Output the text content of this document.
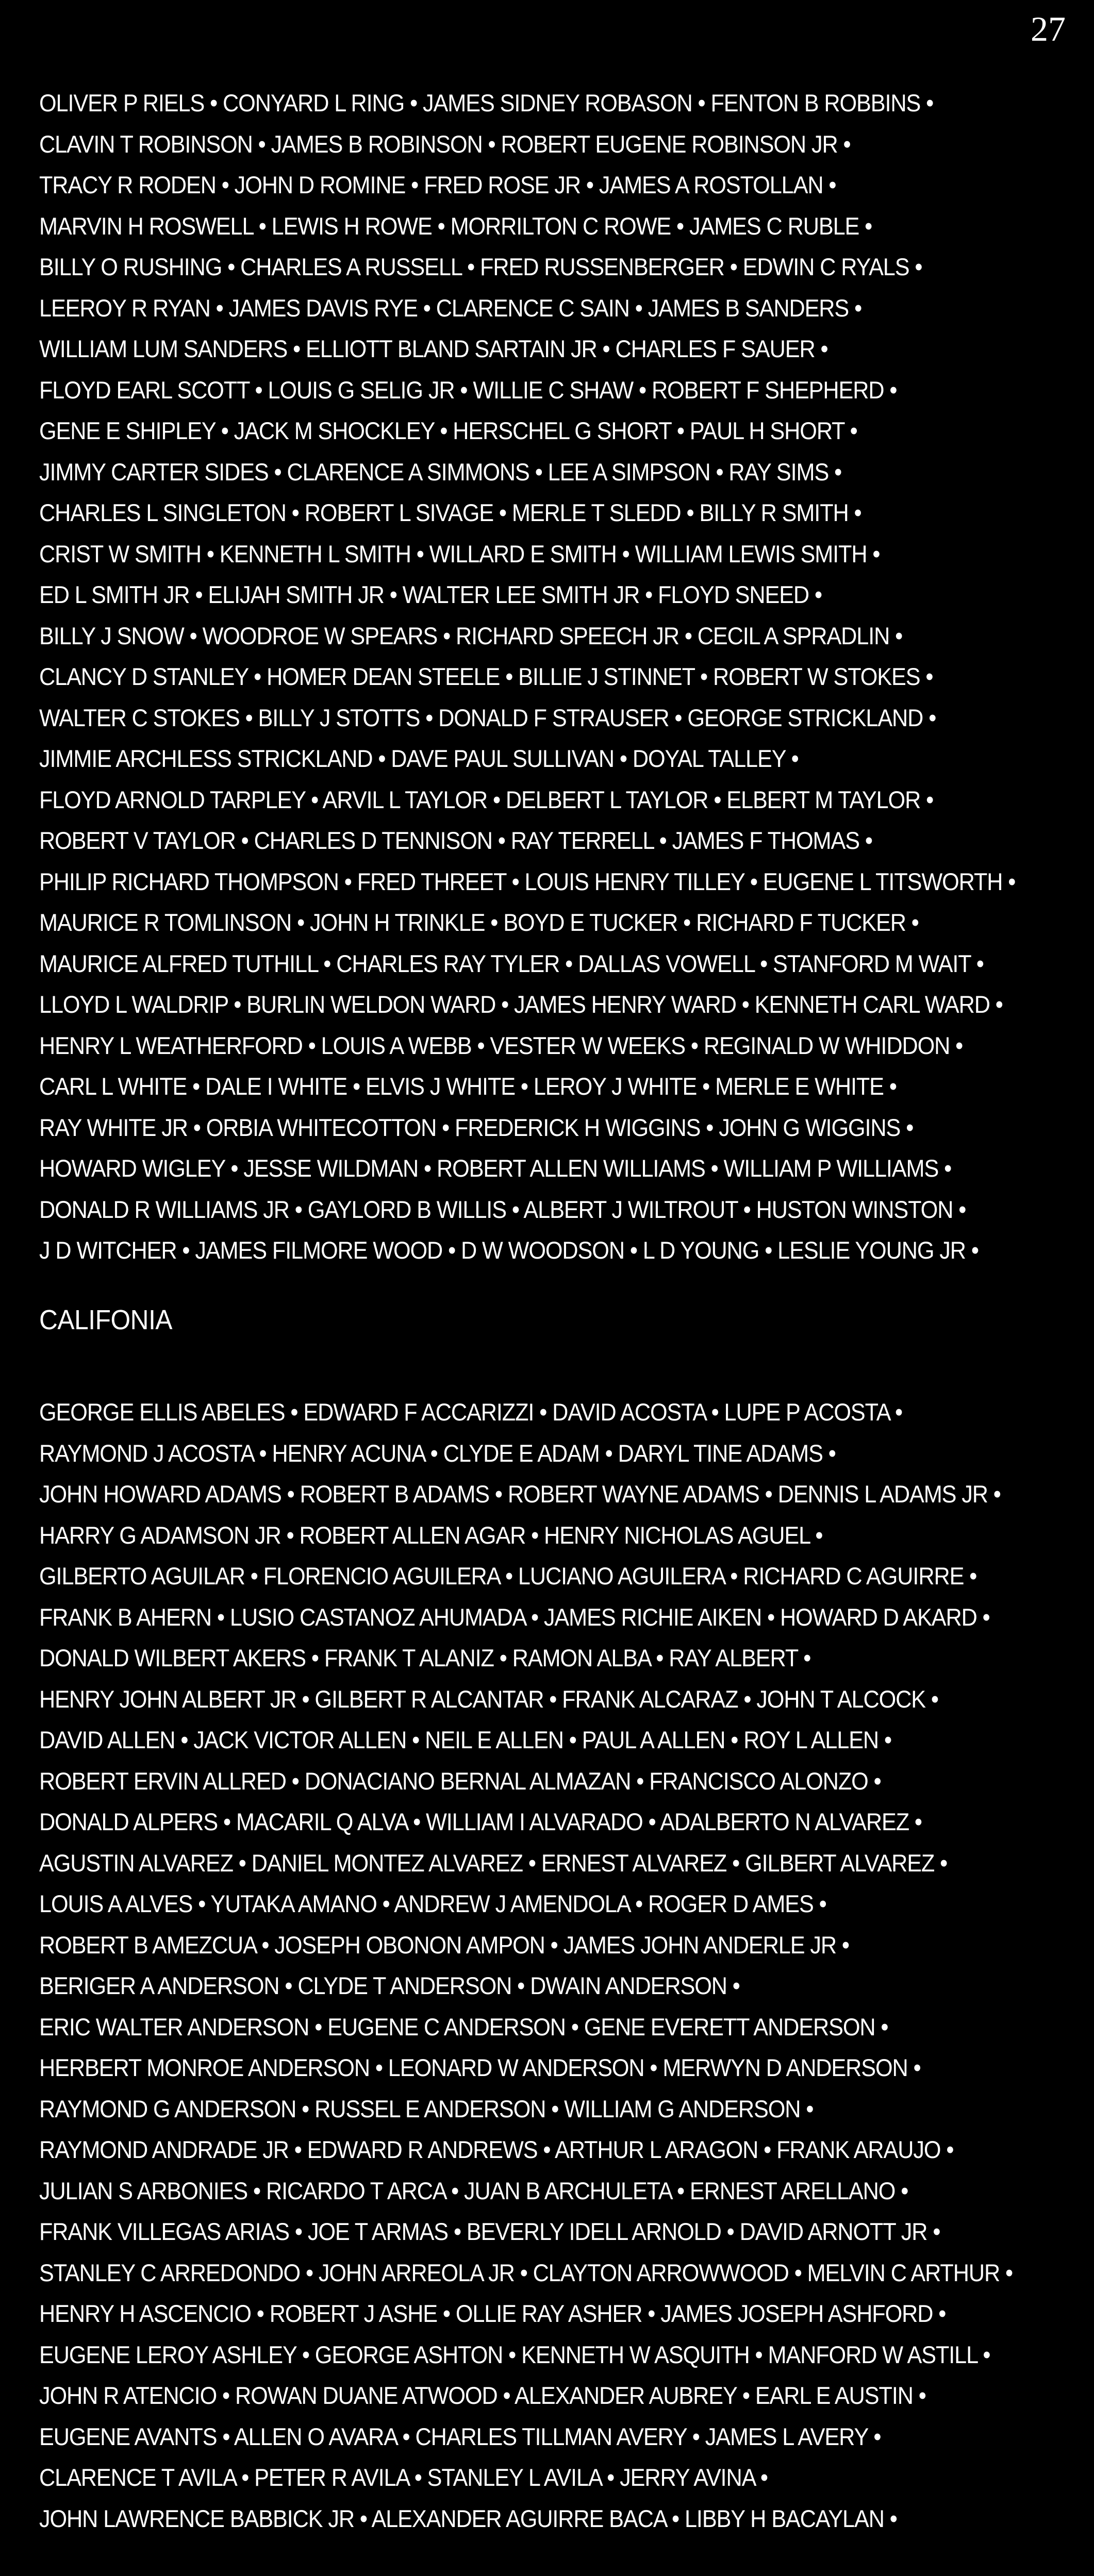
27
OLIVER P RIELS • CONYARD L RING • JAMES SIDNEY ROBASON • FENTON B ROBBINS •
CLAVIN T ROBINSON • JAMES B ROBINSON • ROBERT EUGENE ROBINSON JR •
TRACY R RODEN • JOHN D ROMINE • FRED ROSE JR • JAMES A ROSTOLLAN •
MARVIN H ROSWELL • LEWIS H ROWE • MORRILTON C ROWE • JAMES C RUBLE •
BILLY O RUSHING • CHARLES A RUSSELL • FRED RUSSENBERGER • EDWIN C RYALS •
LEEROY R RYAN • JAMES DAVIS RYE • CLARENCE C SAIN • JAMES B SANDERS •
WILLIAM LUM SANDERS • ELLIOTT BLAND SARTAIN JR • CHARLES F SAUER •
FLOYD EARL SCOTT • LOUIS G SELIG JR • WILLIE C SHAW • ROBERT F SHEPHERD •
GENE E SHIPLEY • JACK M SHOCKLEY • HERSCHEL G SHORT • PAUL H SHORT •
JIMMY CARTER SIDES • CLARENCE A SIMMONS • LEE A SIMPSON • RAY SIMS •
CHARLES L SINGLETON • ROBERT L SIVAGE • MERLE T SLEDD • BILLY R SMITH •
CRIST W SMITH • KENNETH L SMITH • WILLARD E SMITH • WILLIAM LEWIS SMITH •
ED L SMITH JR • ELIJAH SMITH JR • WALTER LEE SMITH JR • FLOYD SNEED •
BILLY J SNOW • WOODROE W SPEARS • RICHARD SPEECH JR • CECIL A SPRADLIN •
CLANCY D STANLEY • HOMER DEAN STEELE • BILLIE J STINNET • ROBERT W STOKES •
WALTER C STOKES • BILLY J STOTTS • DONALD F STRAUSER • GEORGE STRICKLAND •
JIMMIE ARCHLESS STRICKLAND • DAVE PAUL SULLIVAN • DOYAL TALLEY •
FLOYD ARNOLD TARPLEY • ARVIL L TAYLOR • DELBERT L TAYLOR • ELBERT M TAYLOR •
ROBERT V TAYLOR • CHARLES D TENNISON • RAY TERRELL • JAMES F THOMAS •
PHILIP RICHARD THOMPSON • FRED THREET • LOUIS HENRY TILLEY • EUGENE L TITSWORTH •
MAURICE R TOMLINSON • JOHN H TRINKLE • BOYD E TUCKER • RICHARD F TUCKER •
MAURICE ALFRED TUTHILL • CHARLES RAY TYLER • DALLAS VOWELL • STANFORD M WAIT •
LLOYD L WALDRIP • BURLIN WELDON WARD • JAMES HENRY WARD • KENNETH CARL WARD •
HENRY L WEATHERFORD • LOUIS A WEBB • VESTER W WEEKS • REGINALD W WHIDDON •
CARL L WHITE • DALE I WHITE • ELVIS J WHITE • LEROY J WHITE • MERLE E WHITE •
RAY WHITE JR • ORBIA WHITECOTTON • FREDERICK H WIGGINS • JOHN G WIGGINS •
HOWARD WIGLEY • JESSE WILDMAN • ROBERT ALLEN WILLIAMS • WILLIAM P WILLIAMS •
DONALD R WILLIAMS JR • GAYLORD B WILLIS • ALBERT J WILTROUT • HUSTON WINSTON •
J D WITCHER • JAMES FILMORE WOOD • D W WOODSON • L D YOUNG • LESLIE YOUNG JR •
CALIFONIA
GEORGE ELLIS ABELES • EDWARD F ACCARIZZI • DAVID ACOSTA • LUPE P ACOSTA •
RAYMOND J ACOSTA • HENRY ACUNA • CLYDE E ADAM • DARYL TINE ADAMS •
JOHN HOWARD ADAMS • ROBERT B ADAMS • ROBERT WAYNE ADAMS • DENNIS L ADAMS JR •
HARRY G ADAMSON JR • ROBERT ALLEN AGAR • HENRY NICHOLAS AGUEL •
GILBERTO AGUILAR • FLORENCIO AGUILERA • LUCIANO AGUILERA • RICHARD C AGUIRRE •
FRANK B AHERN • LUSIO CASTANOZ AHUMADA • JAMES RICHIE AIKEN • HOWARD D AKARD •
DONALD WILBERT AKERS • FRANK T ALANIZ • RAMON ALBA • RAY ALBERT •
HENRY JOHN ALBERT JR • GILBERT R ALCANTAR • FRANK ALCARAZ • JOHN T ALCOCK •
DAVID ALLEN • JACK VICTOR ALLEN • NEIL E ALLEN • PAUL A ALLEN • ROY L ALLEN •
ROBERT ERVIN ALLRED • DONACIANO BERNAL ALMAZAN • FRANCISCO ALONZO •
DONALD ALPERS • MACARIL Q ALVA • WILLIAM I ALVARADO • ADALBERTO N ALVAREZ •
AGUSTIN ALVAREZ • DANIEL MONTEZ ALVAREZ • ERNEST ALVAREZ • GILBERT ALVAREZ •
LOUIS A ALVES • YUTAKA AMANO • ANDREW J AMENDOLA • ROGER D AMES •
ROBERT B AMEZCUA • JOSEPH OBONON AMPON • JAMES JOHN ANDERLE JR •
BERIGER A ANDERSON • CLYDE T ANDERSON • DWAIN ANDERSON •
ERIC WALTER ANDERSON • EUGENE C ANDERSON • GENE EVERETT ANDERSON •
HERBERT MONROE ANDERSON • LEONARD W ANDERSON • MERWYN D ANDERSON •
RAYMOND G ANDERSON • RUSSEL E ANDERSON • WILLIAM G ANDERSON •
RAYMOND ANDRADE JR • EDWARD R ANDREWS • ARTHUR L ARAGON • FRANK ARAUJO •
JULIAN S ARBONIES • RICARDO T ARCA • JUAN B ARCHULETA • ERNEST ARELLANO •
FRANK VILLEGAS ARIAS • JOE T ARMAS • BEVERLY IDELL ARNOLD • DAVID ARNOTT JR •
STANLEY C ARREDONDO • JOHN ARREOLA JR • CLAYTON ARROWWOOD • MELVIN C ARTHUR •
HENRY H ASCENCIO • ROBERT J ASHE • OLLIE RAY ASHER • JAMES JOSEPH ASHFORD •
EUGENE LEROY ASHLEY • GEORGE ASHTON • KENNETH W ASQUITH • MANFORD W ASTILL •
JOHN R ATENCIO • ROWAN DUANE ATWOOD • ALEXANDER AUBREY • EARL E AUSTIN •
EUGENE AVANTS • ALLEN O AVARA • CHARLES TILLMAN AVERY • JAMES L AVERY •
CLARENCE T AVILA • PETER R AVILA • STANLEY L AVILA • JERRY AVINA •
JOHN LAWRENCE BABBICK JR • ALEXANDER AGUIRRE BACA • LIBBY H BACAYLAN •
